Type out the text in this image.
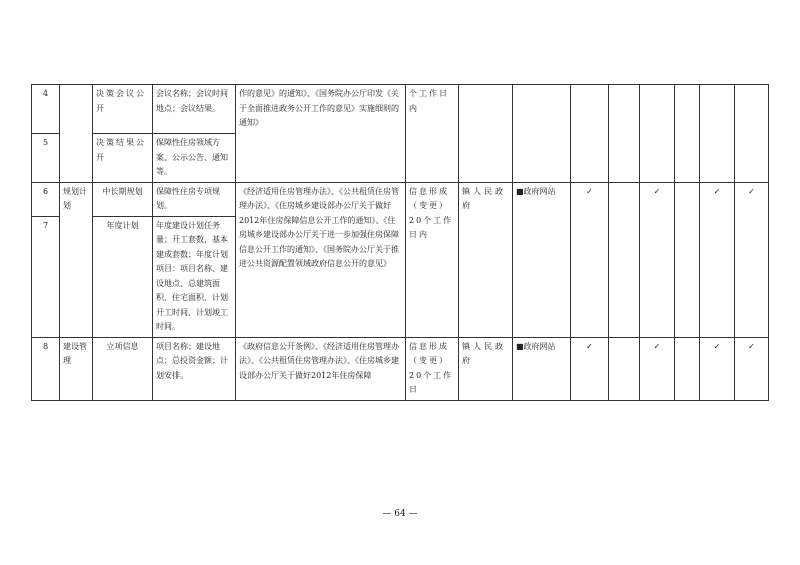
4		决策会议公开	会议名称；会议时间地点；会议结果。	作的意见》的通知》、《国务院办公厅印发《关于全面推进政务公开工作的意见》实施细则的通知》	个工作日内								
5		决策结果公开	保障性住房领域方案、公示公告、通知等。										
6	规划计划	中长期规划	保障性住房专项规划。	《经济适用住房管理办法》、《公共租赁住房管理办法》、《住房城乡建设部办公厅关于做好2012年住房保障信息公开工作的通知》、《住房城乡建设部办公厅关于进一步加强住房保障信息公开工作的通知》、《国务院办公厅关于推进公共资源配置领域政府信息公开的意见》	信息形成（变更）20个工作日内	镇人民政府	■政府网站	✓		✓		✓	✓
7		年度计划	年度建设计划任务量；开工套数，基本建成套数；年度计划项目：项目名称、建设地点、总建筑面积、住宅面积、计划开工时间、计划竣工时间。										
8	建设管理	立项信息	项目名称；建设地点；总投资金额；计划安排。	《政府信息公开条例》、《经济适用住房管理办法》、《公共租赁住房管理办法》、《住房城乡建设部办公厅关于做好2012年住房保障	信息形成（变更）20个工作日	镇人民政府	■政府网站	✓		✓		✓	✓
— 64 —
